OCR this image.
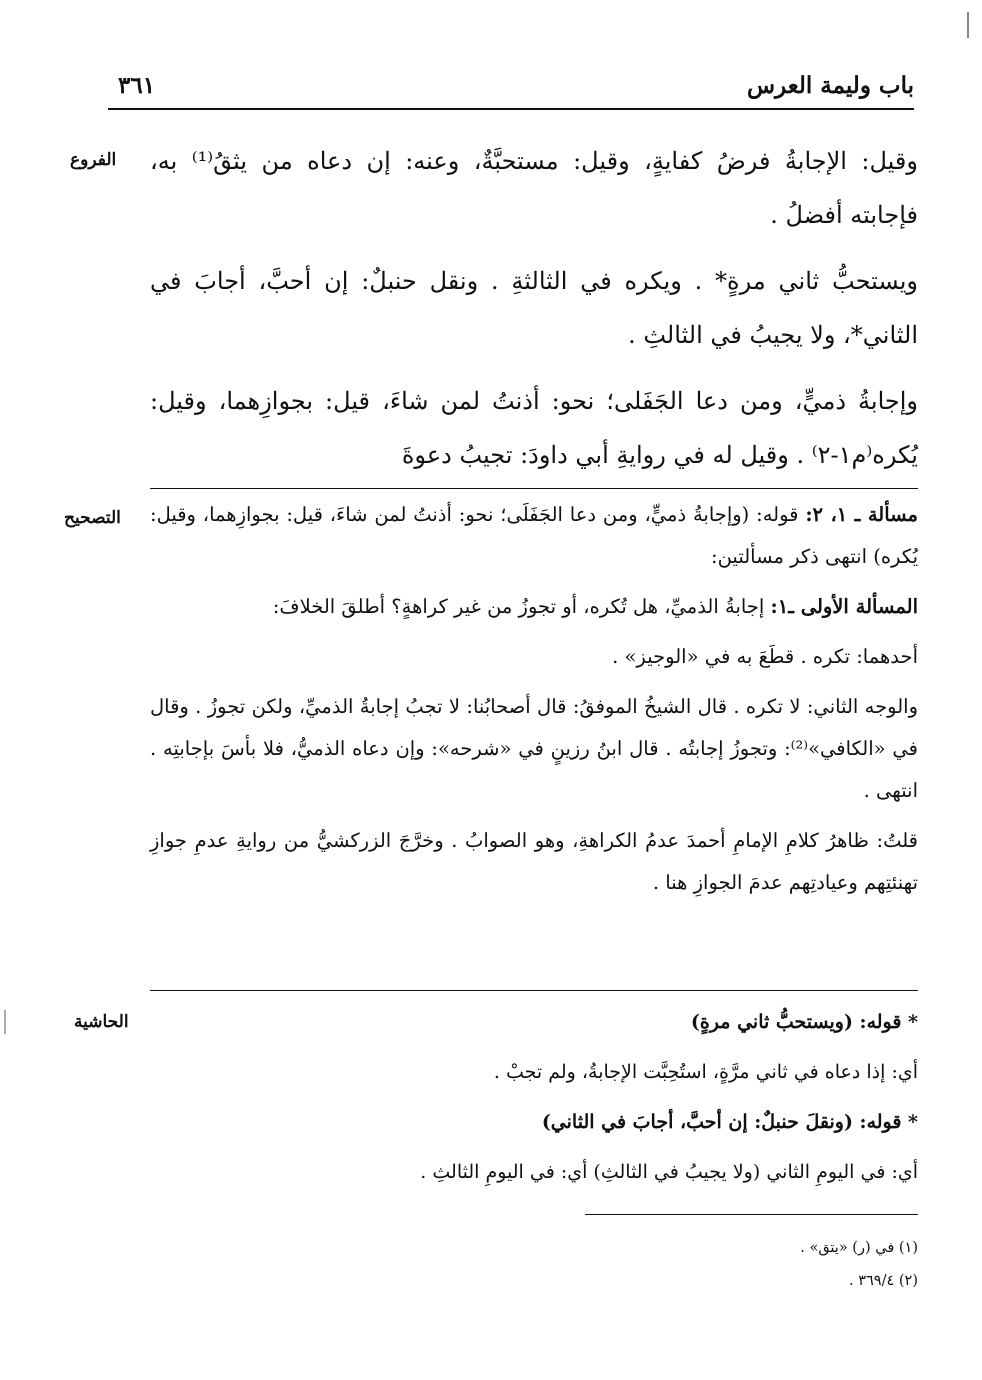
باب وليمة العرس
٣٦١
الفروع
التصحيح
الحاشية

وقيل: الإجابةُ فرضُ كفايةٍ، وقيل: مستحبَّةٌ، وعنه: إن دعاه من يثقُ⁽¹⁾ به، فإجابته أفضلُ .

ويستحبُّ ثاني مرةٍ* . ويكره في الثالثةِ . ونقل حنبلٌ: إن أحبَّ، أجابَ في الثاني*، ولا يجيبُ في الثالثِ .

وإجابةُ ذميٍّ، ومن دعا الجَفَلى؛ نحو: أذنتُ لمن شاءَ، قيل: بجوازِهما، وقيل: يُكره⁽م١-٢⁾ . وقيل له في روايةِ أبي داودَ: تجيبُ دعوةَ

مسألة ـ ١، ٢: قوله: (وإجابةُ ذميٍّ، ومن دعا الجَفَلَى؛ نحو: أذنتُ لمن شاءَ، قيل: بجوازِهما، وقيل: يُكره) انتهى ذكر مسألتين:

المسألة الأولى ـ١: إجابةُ الذميِّ، هل تُكره، أو تجوزُ من غير كراهةٍ؟ أطلقَ الخلافَ:

أحدهما: تكره . قطَعَ به في «الوجيز» .

والوجه الثاني: لا تكره . قال الشيخُ الموفقُ: قال أصحابُنا: لا تجبُ إجابةُ الذميِّ، ولكن تجوزُ . وقال في «الكافي»⁽²⁾: وتجوزُ إجابتُه . قال ابنُ رزينٍ في «شرحه»: وإن دعاه الذميُّ، فلا بأسَ بإجابتِه . انتهى .

قلتُ: ظاهرُ كلامِ الإمامِ أحمدَ عدمُ الكراهةِ، وهو الصوابُ . وخرَّجَ الزركشيُّ من روايةِ عدمِ جوازِ تهنئتِهم وعيادتِهم عدمَ الجوازِ هنا .

* قوله: (ويستحبُّ ثاني مرةٍ)

أي: إذا دعاه في ثاني مرَّةٍ، استُحِبَّت الإجابةُ، ولم تجبْ .

* قوله: (ونقلَ حنبلٌ: إن أحبَّ، أجابَ في الثاني)

أي: في اليومِ الثاني (ولا يجيبُ في الثالثِ) أي: في اليومِ الثالثِ .

(١) في (ر) «يتق» .
(٢) ٣٦٩/٤ .
